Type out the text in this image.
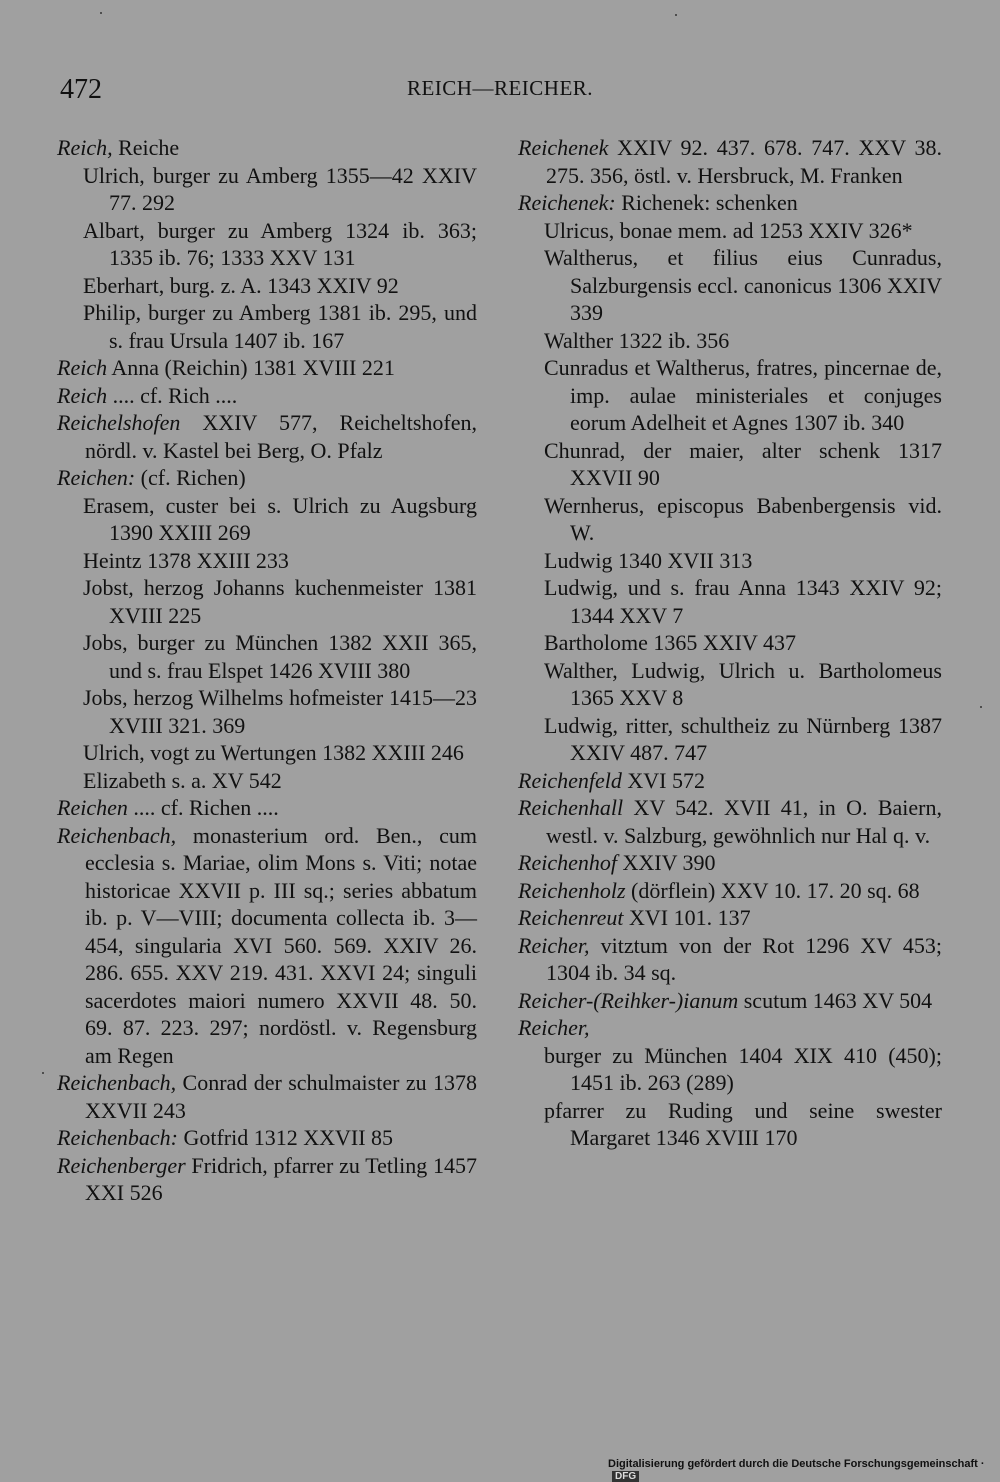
472	REICH—REICHER.

Reich, Reiche

Ulrich, burger zu Amberg 1355—42 XXIV 77. 292

Albart, burger zu Amberg 1324 ib. 363; 1335 ib. 76; 1333 XXV 131

Eberhart, burg. z. A. 1343 XXIV 92

Philip, burger zu Amberg 1381 ib. 295, und s. frau Ursula 1407 ib. 167

Reich Anna (Reichin) 1381 XVIII 221

Reich .... cf. Rich ....

Reichelshofen XXIV 577, Reicheltshofen, nördl. v. Kastel bei Berg, O. Pfalz

Reichen: (cf. Richen)

Erasem, custer bei s. Ulrich zu Augsburg 1390 XXIII 269

Heintz 1378 XXIII 233

Jobst, herzog Johanns kuchenmeister 1381 XVIII 225

Jobs, burger zu München 1382 XXII 365, und s. frau Elspet 1426 XVIII 380

Jobs, herzog Wilhelms hofmeister 1415—23 XVIII 321. 369

Ulrich, vogt zu Wertungen 1382 XXIII 246

Elizabeth s. a. XV 542

Reichen .... cf. Richen ....

Reichenbach, monasterium ord. Ben., cum ecclesia s. Mariae, olim Mons s. Viti; notae historicae XXVII p. III sq.; series abbatum ib. p. V—VIII; documenta collecta ib. 3—454, singularia XVI 560. 569. XXIV 26. 286. 655. XXV 219. 431. XXVI 24; singuli sacerdotes maiori numero XXVII 48. 50. 69. 87. 223. 297; nordöstl. v. Regensburg am Regen

Reichenbach, Conrad der schulmaister zu 1378 XXVII 243

Reichenbach: Gotfrid 1312 XXVII 85

Reichenberger Fridrich, pfarrer zu Tetling 1457 XXI 526

Reichenek XXIV 92. 437. 678. 747. XXV 38. 275. 356, östl. v. Hersbruck, M. Franken

Reichenek: Richenek: schenken

Ulricus, bonae mem. ad 1253 XXIV 326*

Waltherus, et filius eius Cunradus, Salzburgensis eccl. canonicus 1306 XXIV 339

Walther 1322 ib. 356

Cunradus et Waltherus, fratres, pincernae de, imp. aulae ministeriales et conjuges eorum Adelheit et Agnes 1307 ib. 340

Chunrad, der maier, alter schenk 1317 XXVII 90

Wernherus, episcopus Babenbergensis vid. W.

Ludwig 1340 XVII 313

Ludwig, und s. frau Anna 1343 XXIV 92; 1344 XXV 7

Bartholome 1365 XXIV 437

Walther, Ludwig, Ulrich u. Bartholomeus 1365 XXV 8

Ludwig, ritter, schultheiz zu Nürnberg 1387 XXIV 487. 747

Reichenfeld XVI 572

Reichenhall XV 542. XVII 41, in O. Baiern, westl. v. Salzburg, gewöhnlich nur Hal q. v.

Reichenhof XXIV 390

Reichenholz (dörflein) XXV 10. 17. 20 sq. 68

Reichenreut XVI 101. 137

Reicher, vitztum von der Rot 1296 XV 453; 1304 ib. 34 sq.

Reicher-(Reihker-)ianum scutum 1463 XV 504

Reicher,

burger zu München 1404 XIX 410 (450); 1451 ib. 263 (289)

pfarrer zu Ruding und seine swester Margaret 1346 XVIII 170

Digitalisierung gefördert durch die Deutsche Forschungsgemeinschaft ·DFG
